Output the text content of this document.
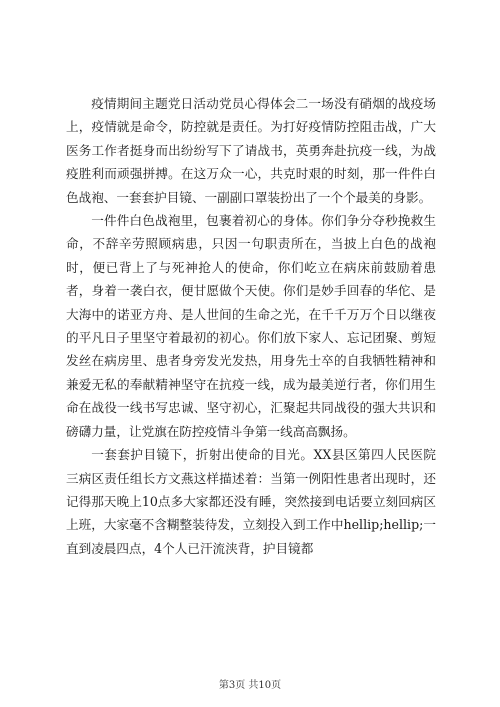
疫情期间主题党日活动党员心得体会二一场没有硝烟的战疫场上，疫情就是命令，防控就是责任。为打好疫情防控阻击战，广大医务工作者挺身而出纷纷写下了请战书，英勇奔赴抗疫一线，为战疫胜利而顽强拼搏。在这万众一心，共克时艰的时刻，那一件件白色战袍、一套套护目镜、一副副口罩装扮出了一个个最美的身影。

一件件白色战袍里，包裹着初心的身体。你们争分夺秒挽救生命，不辞辛劳照顾病患，只因一句职责所在，当披上白色的战袍时，便已背上了与死神抢人的使命，你们屹立在病床前鼓励着患者，身着一袭白衣，便甘愿做个天使。你们是妙手回春的华佗、是大海中的诺亚方舟、是人世间的生命之光，在千千万万个日以继夜的平凡日子里坚守着最初的初心。你们放下家人、忘记团聚、剪短发丝在病房里、患者身旁发光发热，用身先士卒的自我牺牲精神和兼爱无私的奉献精神坚守在抗疫一线，成为最美逆行者，你们用生命在战役一线书写忠诚、坚守初心，汇聚起共同战役的强大共识和磅礴力量，让党旗在防控疫情斗争第一线高高飘扬。

一套套护目镜下，折射出使命的目光。XX县区第四人民医院三病区责任组长方文燕这样描述着：当第一例阳性患者出现时，还记得那天晚上10点多大家都还没有睡，突然接到电话要立刻回病区上班，大家毫不含糊整装待发，立刻投入到工作中hellip;hellip;一直到凌晨四点，4个人已汗流浃背，护目镜都

第3页 共10页
